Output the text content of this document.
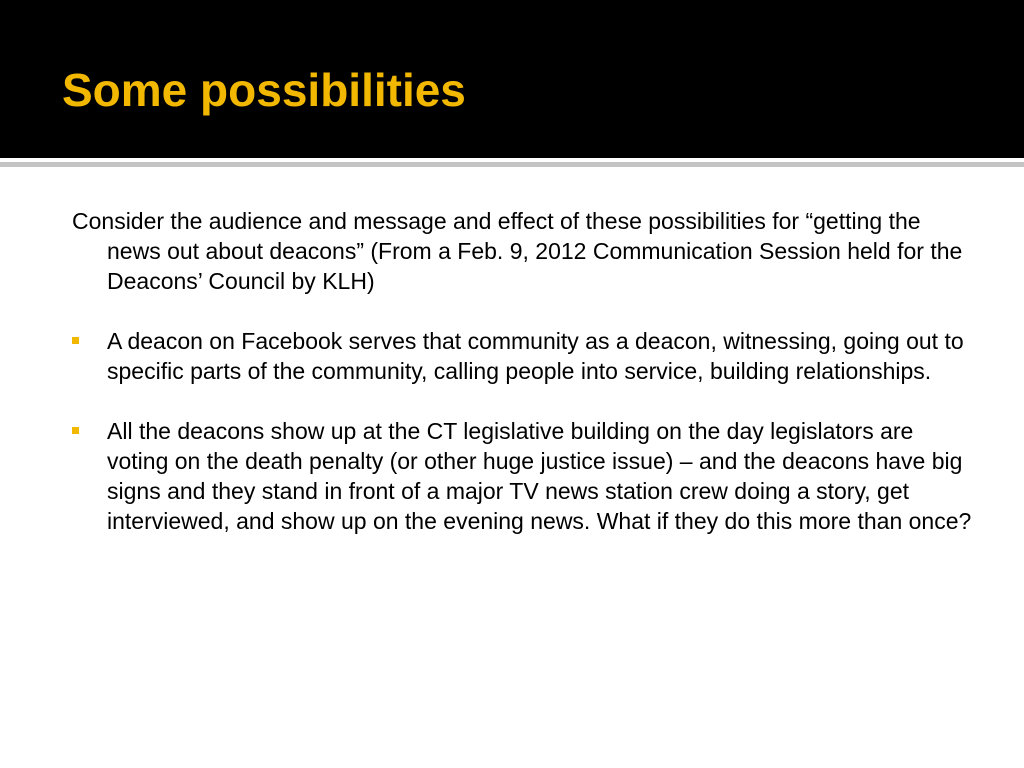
Some possibilities

Consider the audience and message and effect of these possibilities for “getting the news out about deacons” (From a Feb. 9, 2012 Communication Session held for the Deacons’ Council by KLH)

A deacon on Facebook serves that community as a deacon, witnessing, going out to specific parts of the community, calling people into service, building relationships.
All the deacons show up at the CT legislative building on the day legislators are voting on the death penalty (or other huge justice issue) – and the deacons have big signs and they stand in front of a major TV news station crew doing a story, get interviewed, and show up on the evening news. What if they do this more than once?
